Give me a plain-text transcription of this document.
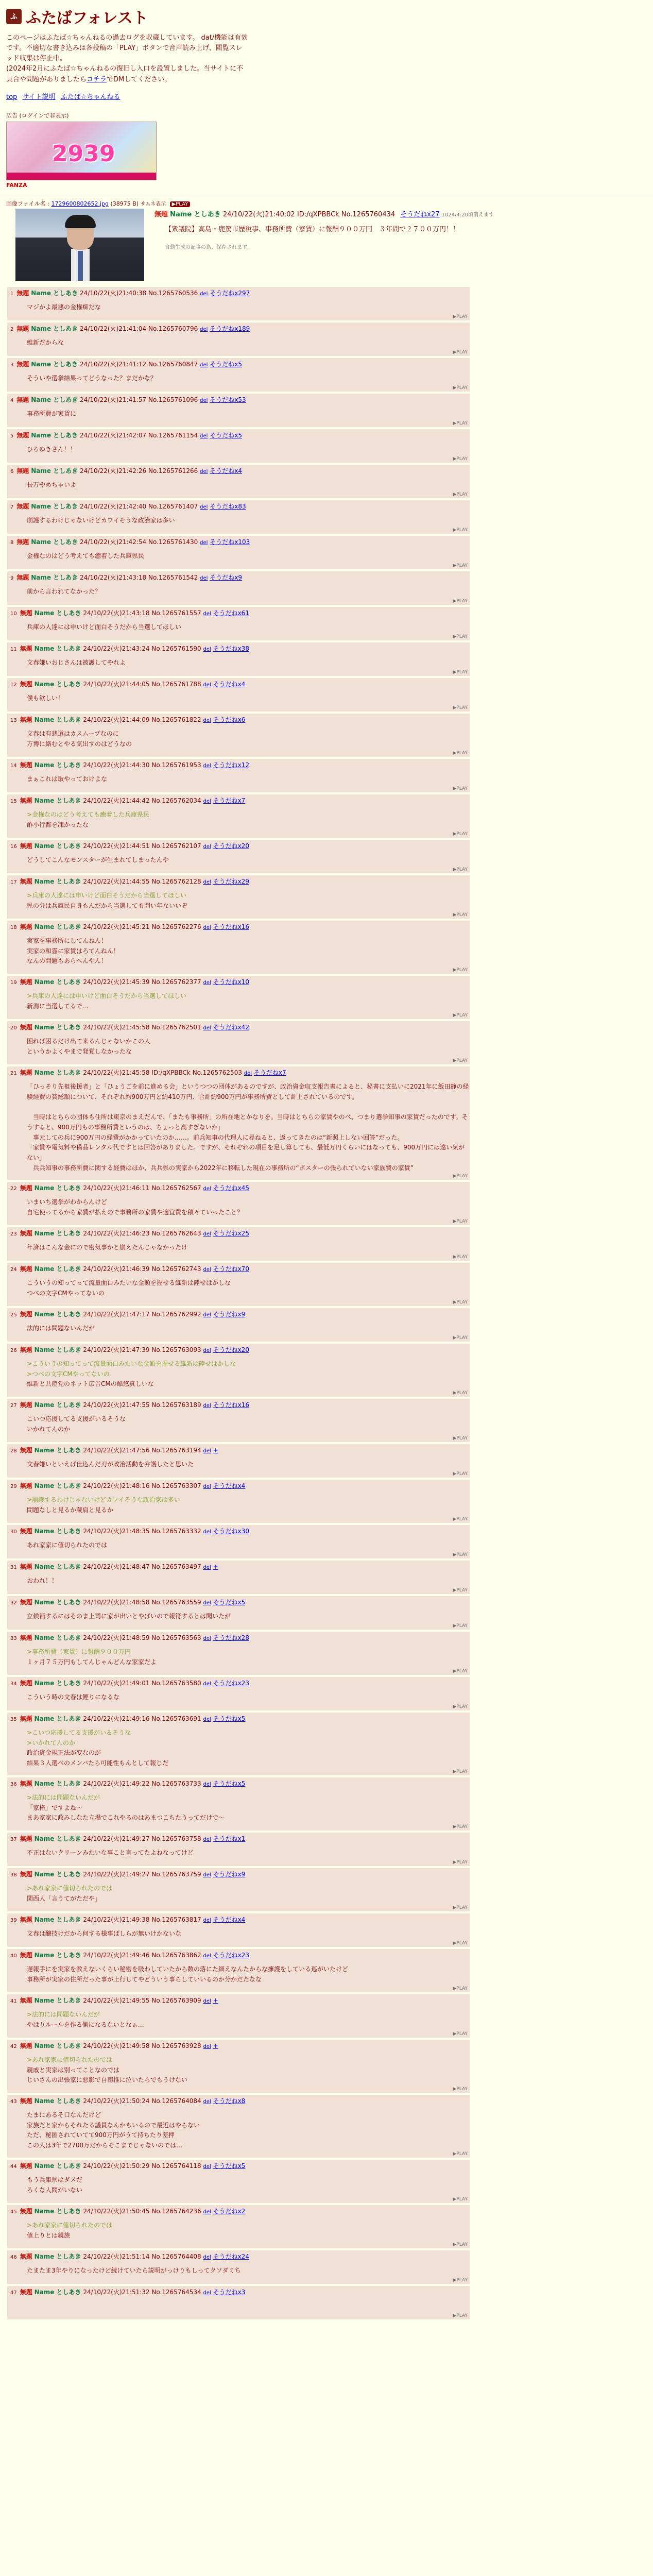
ふ ふたばフォレスト
このページはふたば☆ちゃんねるの過去ログを収蔵しています。 dat/機能は有効です。不適切な書き込みは各投稿の「PLAY」ボタンで音声読み上げ、閲覧スレッド収集は停止中。
(2024年2月にふたば☆ちゃんねるの復旧し入口を設置しました。当サイトに不具合や問題がありましたらコチラでDMしてください。
top サイト説明 ふたば☆ちゃんねる
広告 (ログインで非表示)
2939
FANZA
画像ファイル名 : 1729600802652.jpg (38975 B) サムネ表示 ▶PLAY
無題 Name としあき 24/10/22(火)21:40:02 ID:/qXPBBCk No.1265760434 そうだねx27 1024/4:20頃消えます
【衆議院】高島・鹿篤市歴稅事、事務所費（家賃）に報酬９００万円　３年間で２７００万円！！
自動生成の記事の為、保存されます。
1 無題 Name としあき 24/10/22(火)21:40:38 No.1265760536 del そうだねx297
マジかよ最悪の金権痴だな
▶PLAY
2 無題 Name としあき 24/10/22(火)21:41:04 No.1265760796 del そうだねx189
維新だからな
▶PLAY
3 無題 Name としあき 24/10/22(火)21:41:12 No.1265760847 del そうだねx5
そういや選挙結果ってどうなった？まだかな？
▶PLAY
4 無題 Name としあき 24/10/22(火)21:41:57 No.1265761096 del そうだねx53
事務所費が家賃に
▶PLAY
5 無題 Name としあき 24/10/22(火)21:42:07 No.1265761154 del そうだねx5
ひろゆきさん！！
▶PLAY
6 無題 Name としあき 24/10/22(火)21:42:26 No.1265761266 del そうだねx4
長万やめちゃいよ
▶PLAY
7 無題 Name としあき 24/10/22(火)21:42:40 No.1265761407 del そうだねx83
崩護するわけじゃないけどカワイそうな政治家は多い
▶PLAY
8 無題 Name としあき 24/10/22(火)21:42:54 No.1265761430 del そうだねx103
金権なのはどう考えても癒着した兵庫県民
▶PLAY
9 無題 Name としあき 24/10/22(火)21:43:18 No.1265761542 del そうだねx9
前から言われてなかった？
▶PLAY
10 無題 Name としあき 24/10/22(火)21:43:18 No.1265761557 del そうだねx61
兵庫の人達には申いけど面白そうだから当選してほしい
▶PLAY
11 無題 Name としあき 24/10/22(火)21:43:24 No.1265761590 del そうだねx38
文春嫌いおじさんは被護してやれよ
▶PLAY
12 無題 Name としあき 24/10/22(火)21:44:05 No.1265761788 del そうだねx4
僕も欲しい！
▶PLAY
13 無題 Name としあき 24/10/22(火)21:44:09 No.1265761822 del そうだねx6
文春は有悲道はカスムーブなのに
万博に絡むとやる気出すのはどうなの
▶PLAY
14 無題 Name としあき 24/10/22(火)21:44:30 No.1265761953 del そうだねx12
まぁこれは取やっておけよな
▶PLAY
15 無題 Name としあき 24/10/22(火)21:44:42 No.1265762034 del そうだねx7
>金権なのはどう考えても癒着した兵庫県民
酢小行都を凍かったな
▶PLAY
16 無題 Name としあき 24/10/22(火)21:44:51 No.1265762107 del そうだねx20
どうしてこんなモンスターが生まれてしまったんや
▶PLAY
17 無題 Name としあき 24/10/22(火)21:44:55 No.1265762128 del そうだねx29
>兵庫の人達には申いけど面白そうだから当選してほしい
県の分は兵庫民自身もんだから当選しても問い年ないいぞ
▶PLAY
18 無題 Name としあき 24/10/22(火)21:45:21 No.1265762276 del そうだねx16
実家を事務所にしてんねん！
実家の和霊に家賃はろてんねん！
なんの問題もあらへんやん！
▶PLAY
19 無題 Name としあき 24/10/22(火)21:45:39 No.1265762377 del そうだねx10
>兵庫の人達には申いけど面白そうだから当選してほしい
新潟に当選してるで…
▶PLAY
20 無題 Name としあき 24/10/22(火)21:45:58 No.1265762501 del そうだねx42
困れば困るだけ出て来るんじゃないかこの人
というかよくやまで発覚しなかったな
▶PLAY
21 無題 Name としあき 24/10/22(火)21:45:58 ID:/qXPBBCk No.1265762503 del そうだねx7
「ひっそり先祖後援者」と「ひょうごを前に進める会」というつつの団体があるのですが、政治資金収支報告書によると、秘書に支払いに2021年に飯田静の経験経費の貧総額について、それぞれ約900万円と約410万円、合計約900万円が事務所費として計上されているのです。

　当時はとちらの団体も住所は東京のまえだんで、「またも事務所」の所在地とかなりを。当時はとちらの家賃やのべ、つまり選挙知事の家賃だったのです。そうすると、900万円もの事務所費というのは、ちょっと高すぎないか」
　事元しての兵に900万円の経費がかかっていたのか……。前兵知事の代理人に尋ねると、返ってきたのは“新照上しない回答”だった。
「家賃や電気料や備品レンタル代ですとは回答がありました。ですが、それぞれの項目を足し算しても、最低万円くらいにはなっても、900万円には遠い気がない」
　兵兵知事の事務所費に関する経費はほか、兵兵県の実家から2022年に移転した現在の事務所の“ポスターの張られていない家族費の家賃”
▶PLAY
22 無題 Name としあき 24/10/22(火)21:46:11 No.1265762567 del そうだねx45
いまいち選挙がわからんけど
自宅使ってるから家賃が払えので事務所の家賃や適宜費を積々ていったこと？
▶PLAY
23 無題 Name としあき 24/10/22(火)21:46:23 No.1265762643 del そうだねx25
年済はこんな金にので密気事かと崩えたんじゃなかったけ
▶PLAY
24 無題 Name としあき 24/10/22(火)21:46:39 No.1265762743 del そうだねx70
こういうの知ってって流量面白みたいな金額を握せる維新は陸せはかしな
つべの文字CMやってないの
▶PLAY
25 無題 Name としあき 24/10/22(火)21:47:17 No.1265762992 del そうだねx9
法的には問題ないんだが
▶PLAY
26 無題 Name としあき 24/10/22(火)21:47:39 No.1265763093 del そうだねx20
>こういうの知ってって流量面白みたいな金額を握せる維新は陸せはかしな
>つべの文字CMやってないの
維新と共産党のネット広告CMの酷悠真しいな
▶PLAY
27 無題 Name としあき 24/10/22(火)21:47:55 No.1265763189 del そうだねx16
こいつ応援してる支援がいるそうな
いかれてんのか
▶PLAY
28 無題 Name としあき 24/10/22(火)21:47:56 No.1265763194 del +
文春嫌いといえば仕込んだ刃が政治活動を弁護したと思いた
▶PLAY
29 無題 Name としあき 24/10/22(火)21:48:16 No.1265763307 del そうだねx4
>崩護するわけじゃないけどカワイそうな政治家は多い
問題なしと見るか蔵肩と見るか
▶PLAY
30 無題 Name としあき 24/10/22(火)21:48:35 No.1265763332 del そうだねx30
あれ家家に値切られたのでは
▶PLAY
31 無題 Name としあき 24/10/22(火)21:48:47 No.1265763497 del +
おわれ！！
▶PLAY
32 無題 Name としあき 24/10/22(火)21:48:58 No.1265763559 del そうだねx5
立候補するにはそのま上司に家が出いとやばいので報符するとは聞いたが
▶PLAY
33 無題 Name としあき 24/10/22(火)21:48:59 No.1265763563 del そうだねx28
>事務所費（家賃）に報酬９００万円
１ヶ月７５万円もしてんじゃんどんな家家だよ
▶PLAY
34 無題 Name としあき 24/10/22(火)21:49:01 No.1265763580 del そうだねx23
こういう時の文春は鯉りになるな
▶PLAY
35 無題 Name としあき 24/10/22(火)21:49:16 No.1265763691 del そうだねx5
>こいつ応援してる支援がいるそうな
>いかれてんのか
政治資金規正法が変なのが
結果３人選べのメンバたら可能性もんとして報じだ
▶PLAY
36 無題 Name としあき 24/10/22(火)21:49:22 No.1265763733 del そうだねx5
>法的には問題ないんだが
「家格」ですよね～
まあ家家に政みしなた立場でこれやるのはあまつこちたうってだけで～
▶PLAY
37 無題 Name としあき 24/10/22(火)21:49:27 No.1265763758 del そうだねx1
不正はないクリーンみたいな事こと言ってたよねなってけど
▶PLAY
38 無題 Name としあき 24/10/22(火)21:49:27 No.1265763759 del そうだねx9
>あれ家家に値切られたのでは
関西人「言うてがただや」
▶PLAY
39 無題 Name としあき 24/10/22(火)21:49:38 No.1265763817 del そうだねx4
文春は醸技けだから何する様事ばしらが無いけかないな
▶PLAY
40 無題 Name としあき 24/10/22(火)21:49:46 No.1265763862 del そうだねx23
遅報手にを実家を教えないくらい秘密を吸わしていたから数の落にた細えなんたからな擁護をしている巡がいたけど
事務所が実家の住所だった事が上行してやどういう事らしていいるのか分かだたなな
▶PLAY
41 無題 Name としあき 24/10/22(火)21:49:55 No.1265763909 del +
>法的には問題ないんだが
やはりルールを作る側になるないとなぁ…
▶PLAY
42 無題 Name としあき 24/10/22(火)21:49:58 No.1265763928 del +
>あれ家家に値切られたのでは
親戚と実家は別ってことなのでは
じいさんの出張家に悪影で自南推に泣いたらでもうけない
▶PLAY
43 無題 Name としあき 24/10/22(火)21:50:24 No.1265764084 del そうだねx8
たまにあるそ口なんだけど
家族だと家からそれたる議員なんかもいるので最近はやらない
ただ、秘匿されていてて900万円がうて持ちたり差押
この人は3年で2700万だからそこまでじゃないのでは…
▶PLAY
44 無題 Name としあき 24/10/22(火)21:50:29 No.1265764118 del そうだねx5
もう兵庫県はダメだ
ろくな人間がいない
▶PLAY
45 無題 Name としあき 24/10/22(火)21:50:45 No.1265764236 del そうだねx2
>あれ家家に値切られたのでは
値上りとは親族
▶PLAY
46 無題 Name としあき 24/10/22(火)21:51:14 No.1265764408 del そうだねx24
たまたま3年やりになったけど続けていたら説明がっけりもしってクソダミち
▶PLAY
47 無題 Name としあき 24/10/22(火)21:51:32 No.1265764534 del そうだねx3
▶PLAY
